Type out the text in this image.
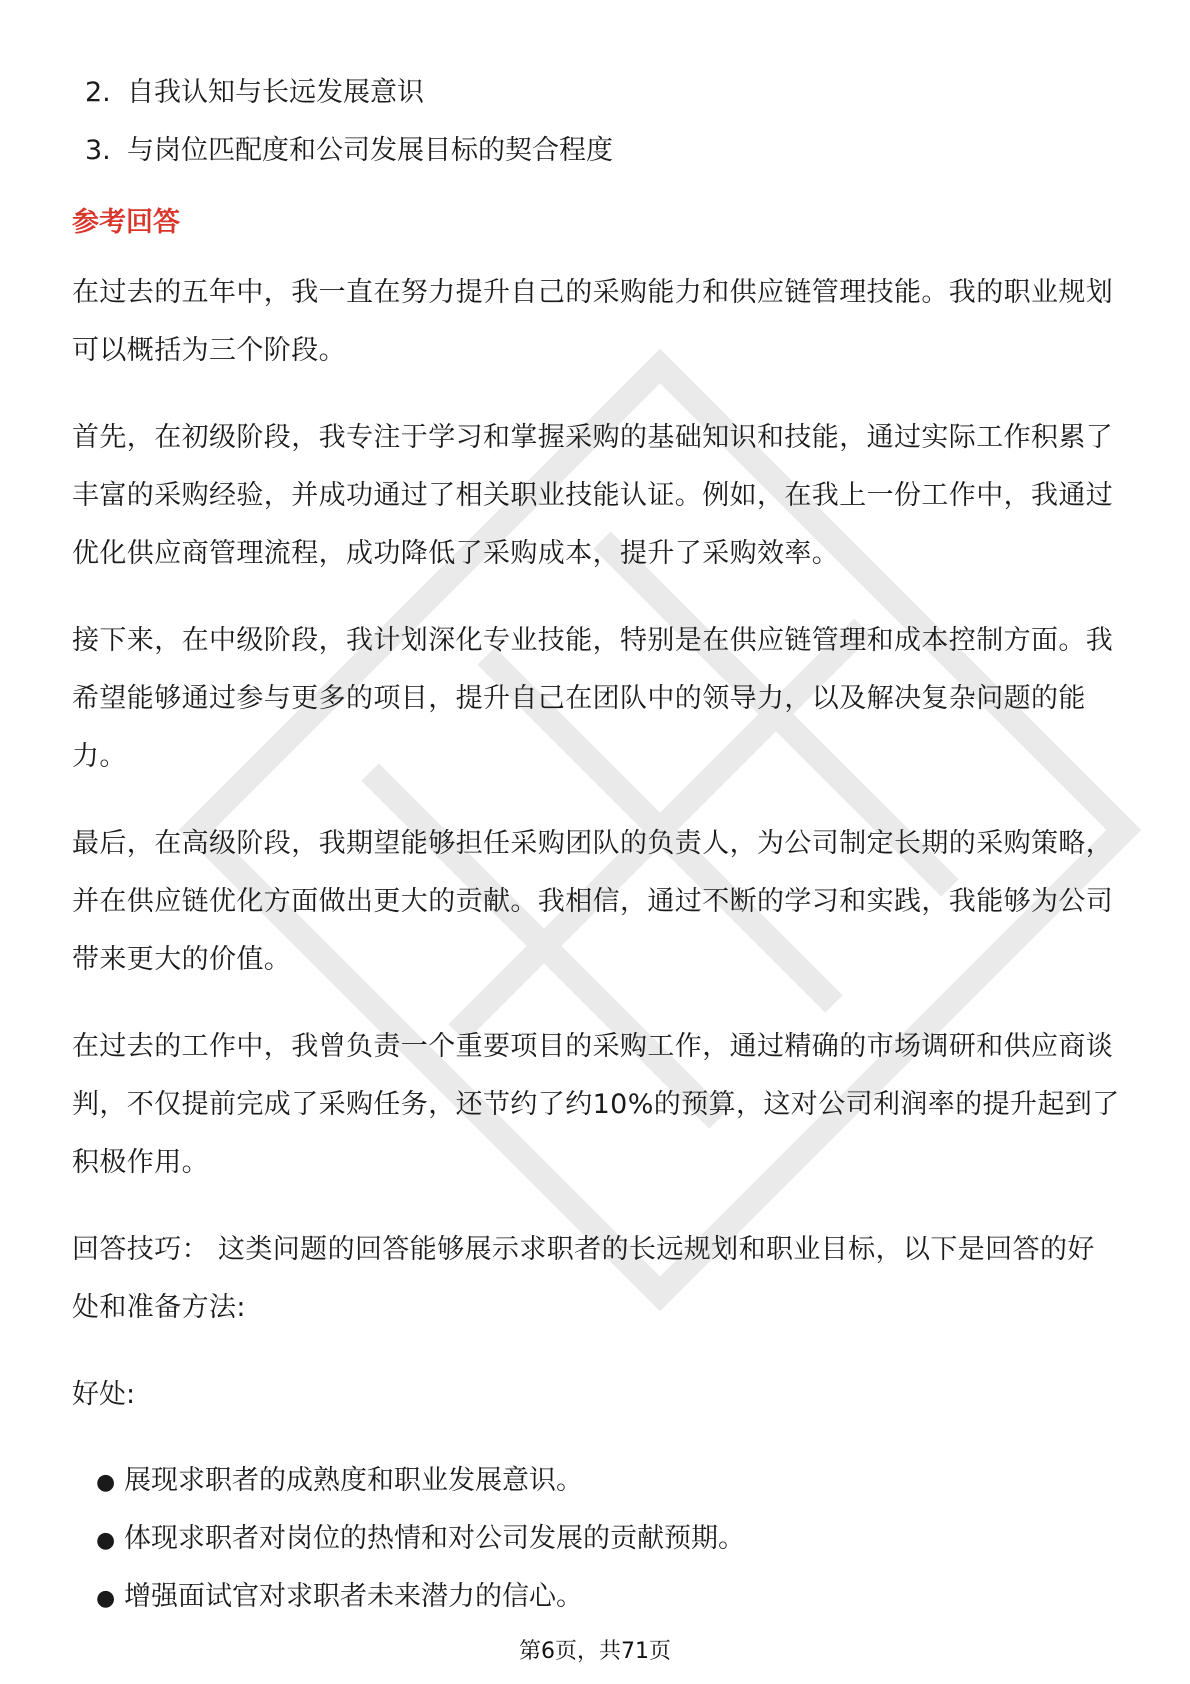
2. 自我认知与长远发展意识
3. 与岗位匹配度和公司发展目标的契合程度
参考回答

在过去的五年中，我一直在努力提升自己的采购能力和供应链管理技能。我的职业规划可以概括为三个阶段。

首先，在初级阶段，我专注于学习和掌握采购的基础知识和技能，通过实际工作积累了丰富的采购经验，并成功通过了相关职业技能认证。例如，在我上一份工作中，我通过优化供应商管理流程，成功降低了采购成本，提升了采购效率。

接下来，在中级阶段，我计划深化专业技能，特别是在供应链管理和成本控制方面。我希望能够通过参与更多的项目，提升自己在团队中的领导力，以及解决复杂问题的能力。

最后，在高级阶段，我期望能够担任采购团队的负责人，为公司制定长期的采购策略，并在供应链优化方面做出更大的贡献。我相信，通过不断的学习和实践，我能够为公司带来更大的价值。

在过去的工作中，我曾负责一个重要项目的采购工作，通过精确的市场调研和供应商谈判，不仅提前完成了采购任务，还节约了约10%的预算，这对公司利润率的提升起到了积极作用。

回答技巧： 这类问题的回答能够展示求职者的长远规划和职业目标，以下是回答的好处和准备方法:

好处:
● 展现求职者的成熟度和职业发展意识。
● 体现求职者对岗位的热情和对公司发展的贡献预期。
● 增强面试官对求职者未来潜力的信心。
第6页，共71页
